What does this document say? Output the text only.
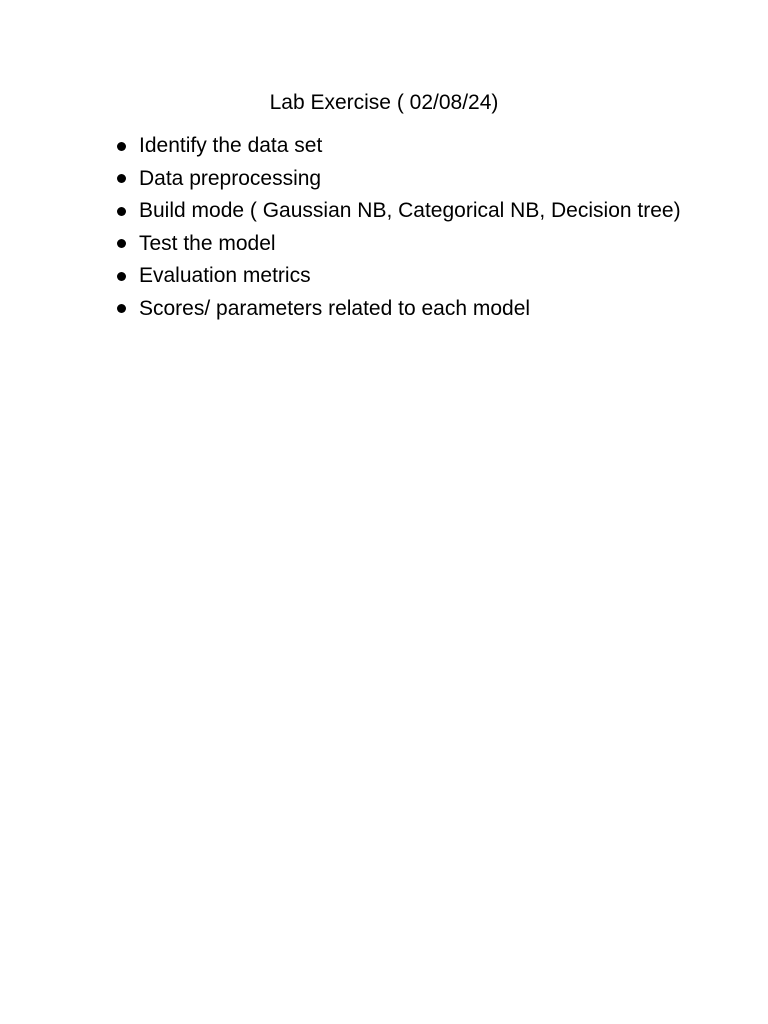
Lab Exercise ( 02/08/24)
Identify the data set
Data preprocessing
Build mode ( Gaussian NB, Categorical NB, Decision tree)
Test the model
Evaluation metrics
Scores/ parameters related to each model
